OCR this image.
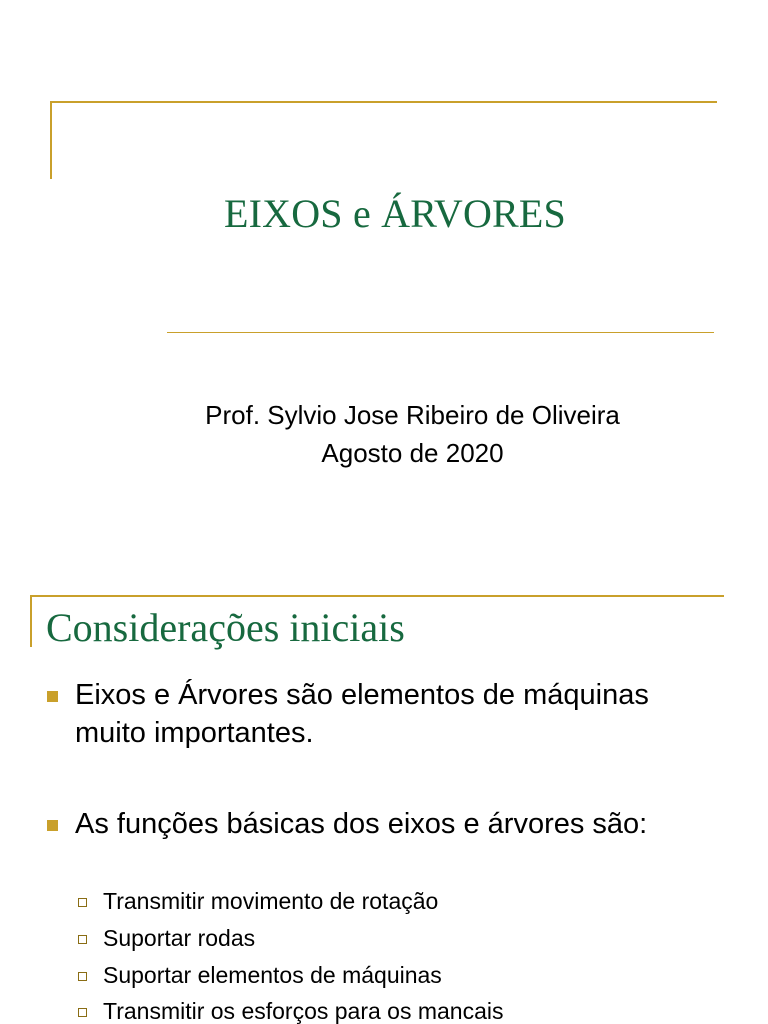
EIXOS e ÁRVORES
Prof. Sylvio Jose Ribeiro de Oliveira
Agosto de 2020
Considerações iniciais
Eixos e Árvores são elementos de máquinas muito importantes.
As funções básicas dos eixos e árvores são:
Transmitir movimento de rotação
Suportar rodas
Suportar elementos de máquinas
Transmitir os esforços para os mancais
